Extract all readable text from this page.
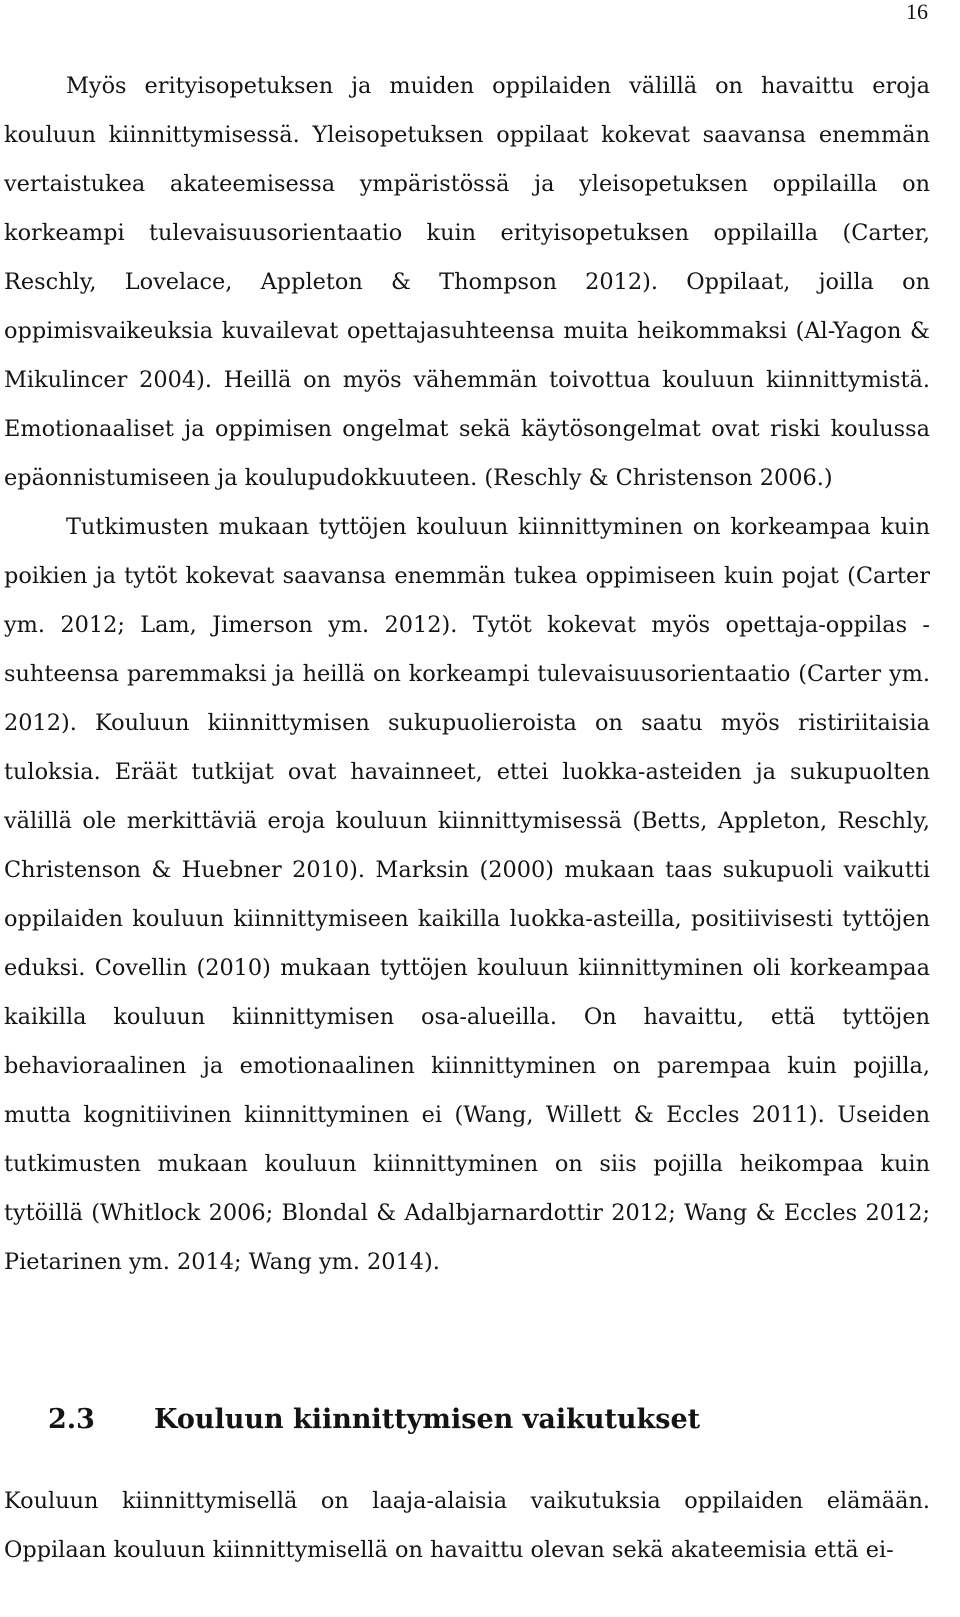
16

Myös erityisopetuksen ja muiden oppilaiden välillä on havaittu eroja kouluun kiinnittymisessä. Yleisopetuksen oppilaat kokevat saavansa enemmän vertaistukea akateemisessa ympäristössä ja yleisopetuksen oppilailla on korkeampi tulevaisuusorientaatio kuin erityisopetuksen oppilailla (Carter, Reschly, Lovelace, Appleton & Thompson 2012). Oppilaat, joilla on oppimisvaikeuksia kuvailevat opettajasuhteensa muita heikommaksi (Al-Yagon & Mikulincer 2004). Heillä on myös vähemmän toivottua kouluun kiinnittymistä. Emotionaaliset ja oppimisen ongelmat sekä käytösongelmat ovat riski koulussa epäonnistumiseen ja koulupudokkuuteen. (Reschly & Christenson 2006.)

Tutkimusten mukaan tyttöjen kouluun kiinnittyminen on korkeampaa kuin poikien ja tytöt kokevat saavansa enemmän tukea oppimiseen kuin pojat (Carter ym. 2012; Lam, Jimerson ym. 2012). Tytöt kokevat myös opettaja-oppilas -suhteensa paremmaksi ja heillä on korkeampi tulevaisuusorientaatio (Carter ym. 2012). Kouluun kiinnittymisen sukupuolieroista on saatu myös ristiriitaisia tuloksia. Eräät tutkijat ovat havainneet, ettei luokka-asteiden ja sukupuolten välillä ole merkittäviä eroja kouluun kiinnittymisessä (Betts, Appleton, Reschly, Christenson & Huebner 2010). Marksin (2000) mukaan taas sukupuoli vaikutti oppilaiden kouluun kiinnittymiseen kaikilla luokka-asteilla, positiivisesti tyttöjen eduksi. Covellin (2010) mukaan tyttöjen kouluun kiinnittyminen oli korkeampaa kaikilla kouluun kiinnittymisen osa-alueilla. On havaittu, että tyttöjen behavioraalinen ja emotionaalinen kiinnittyminen on parempaa kuin pojilla, mutta kognitiivinen kiinnittyminen ei (Wang, Willett & Eccles 2011). Useiden tutkimusten mukaan kouluun kiinnittyminen on siis pojilla heikompaa kuin tytöillä (Whitlock 2006; Blondal & Adalbjarnardottir 2012; Wang & Eccles 2012; Pietarinen ym. 2014; Wang ym. 2014).

2.3 Kouluun kiinnittymisen vaikutukset

Kouluun kiinnittymisellä on laaja-alaisia vaikutuksia oppilaiden elämään. Oppilaan kouluun kiinnittymisellä on havaittu olevan sekä akateemisia että ei-
